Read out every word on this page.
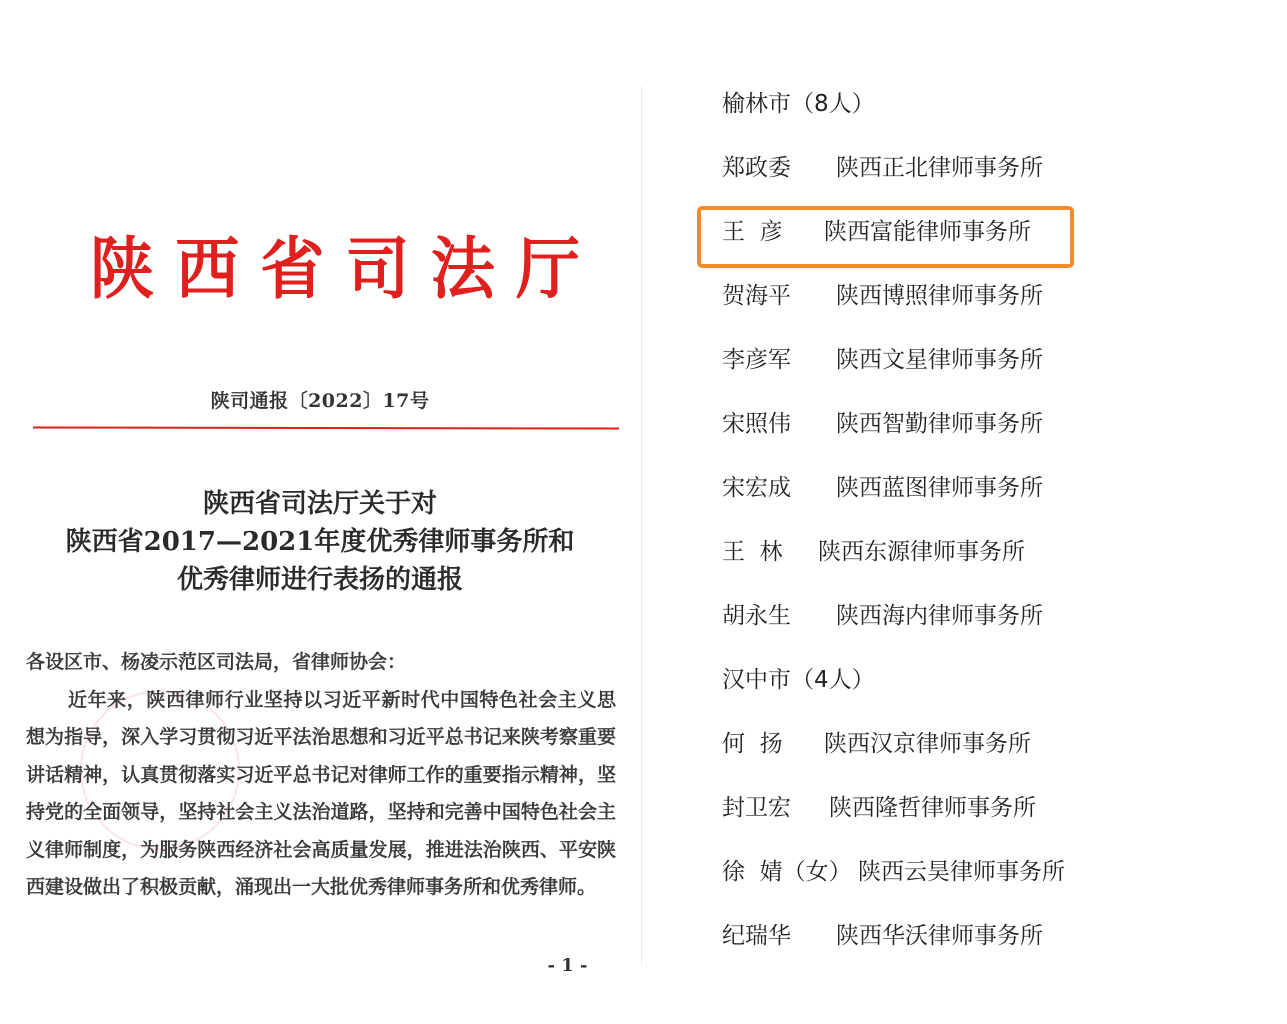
陕 西 省 司 法 厅
陕司通报〔2022〕17号
陕西省司法厅关于对
陕西省2017—2021年度优秀律师事务所和
优秀律师进行表扬的通报

各设区市、杨凌示范区司法局，省律师协会：

近年来，陕西律师行业坚持以习近平新时代中国特色社会主义思想为指导，深入学习贯彻习近平法治思想和习近平总书记来陕考察重要讲话精神，认真贯彻落实习近平总书记对律师工作的重要指示精神，坚持党的全面领导，坚持社会主义法治道路，坚持和完善中国特色社会主义律师制度，为服务陕西经济社会高质量发展，推进法治陕西、平安陕西建设做出了积极贡献，涌现出一大批优秀律师事务所和优秀律师。

- 1 -
榆林市（8人）
郑政委 陕西正北律师事务所
王  彦 陕西富能律师事务所
贺海平 陕西博照律师事务所
李彦军 陕西文星律师事务所
宋照伟 陕西智勤律师事务所
宋宏成 陕西蓝图律师事务所
王  林 陕西东源律师事务所
胡永生 陕西海内律师事务所
汉中市（4人）
何  扬 陕西汉京律师事务所
封卫宏 陕西隆哲律师事务所
徐  婧（女） 陕西云昊律师事务所
纪瑞华 陕西华沃律师事务所
